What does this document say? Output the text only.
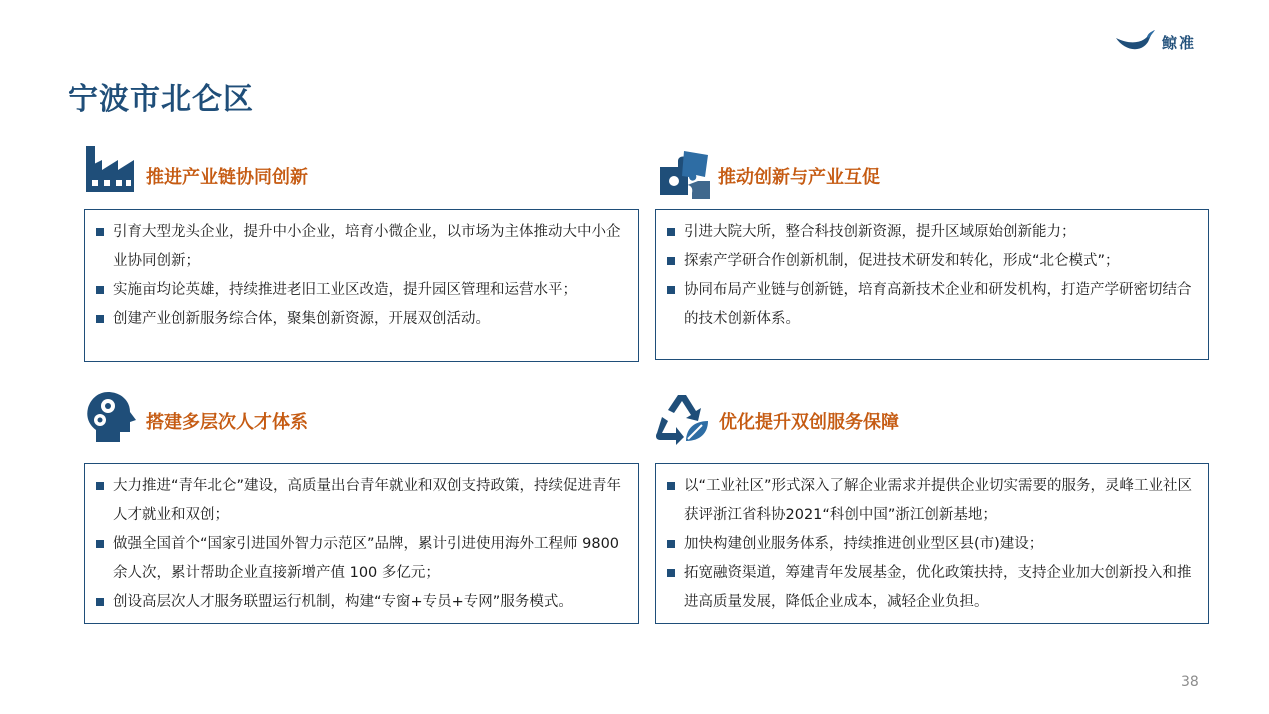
鲸准
宁波市北仑区
推进产业链协同创新
引育大型龙头企业，提升中小企业，培育小微企业，以市场为主体推动大中小企业协同创新；
实施亩均论英雄，持续推进老旧工业区改造，提升园区管理和运营水平；
创建产业创新服务综合体，聚集创新资源，开展双创活动。
推动创新与产业互促
引进大院大所，整合科技创新资源，提升区域原始创新能力；
探索产学研合作创新机制，促进技术研发和转化，形成“北仑模式”；
协同布局产业链与创新链，培育高新技术企业和研发机构，打造产学研密切结合的技术创新体系。
搭建多层次人才体系
大力推进“青年北仑”建设，高质量出台青年就业和双创支持政策，持续促进青年人才就业和双创；
做强全国首个“国家引进国外智力示范区”品牌，累计引进使用海外工程师 9800 余人次，累计帮助企业直接新增产值 100 多亿元；
创设高层次人才服务联盟运行机制，构建“专窗+专员+专网”服务模式。
优化提升双创服务保障
以“工业社区”形式深入了解企业需求并提供企业切实需要的服务，灵峰工业社区获评浙江省科协2021“科创中国”浙江创新基地；
加快构建创业服务体系，持续推进创业型区县(市)建设；
拓宽融资渠道，筹建青年发展基金，优化政策扶持，支持企业加大创新投入和推进高质量发展，降低企业成本，减轻企业负担。
38
